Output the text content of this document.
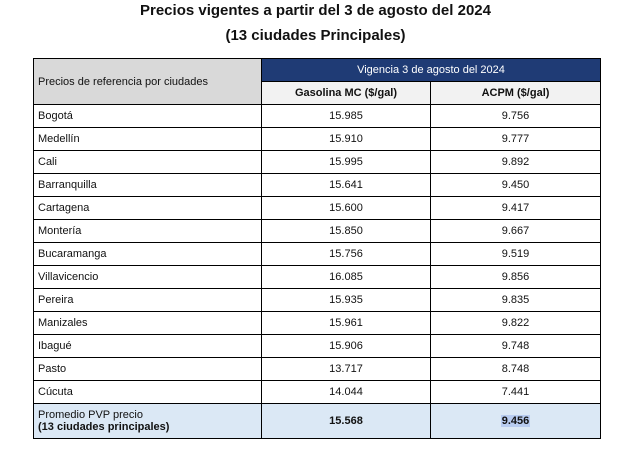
Precios vigentes a partir del 3 de agosto del 2024
(13 ciudades Principales)
Precios de referencia por ciudades	Vigencia 3 de agosto del 2024	
	Gasolina MC ($/gal)	ACPM ($/gal)
Bogotá	15.985	9.756
Medellín	15.910	9.777
Cali	15.995	9.892
Barranquilla	15.641	9.450
Cartagena	15.600	9.417
Montería	15.850	9.667
Bucaramanga	15.756	9.519
Villavicencio	16.085	9.856
Pereira	15.935	9.835
Manizales	15.961	9.822
Ibagué	15.906	9.748
Pasto	13.717	8.748
Cúcuta	14.044	7.441

Promedio PVP precio
(13 ciudades principales)	15.568	9.456
